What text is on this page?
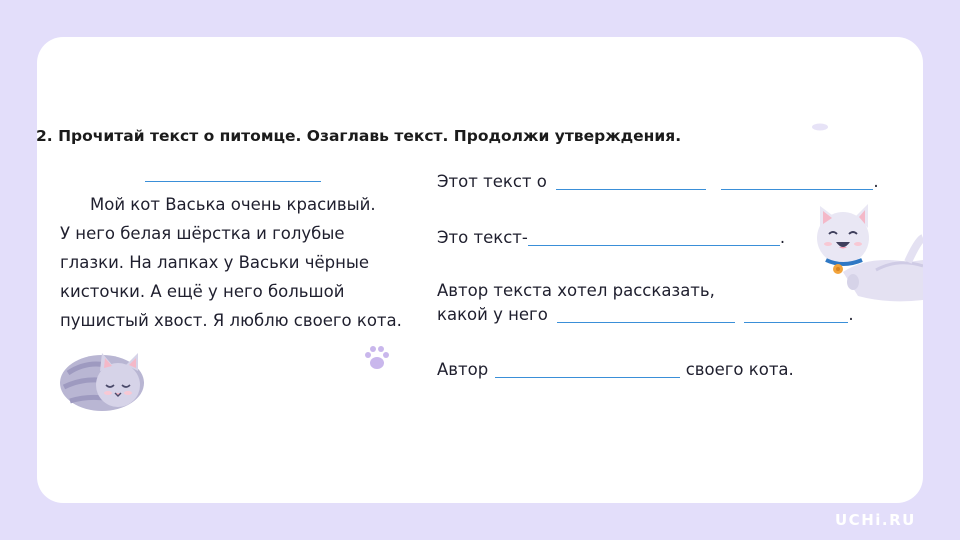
2. Прочитай текст о питомце. Озаглавь текст. Продолжи утверждения.
Мой кот Васька очень красивый.
У него белая шёрстка и голубые
глазки. На лапках у Васьки чёрные
кисточки. А ещё у него большой
пушистый хвост. Я люблю своего кота.
Этот текст о	.
Это текст-	.
Автор текста хотел рассказать,
какой у него	.
Автор	своего кота.
UCHi.RU
